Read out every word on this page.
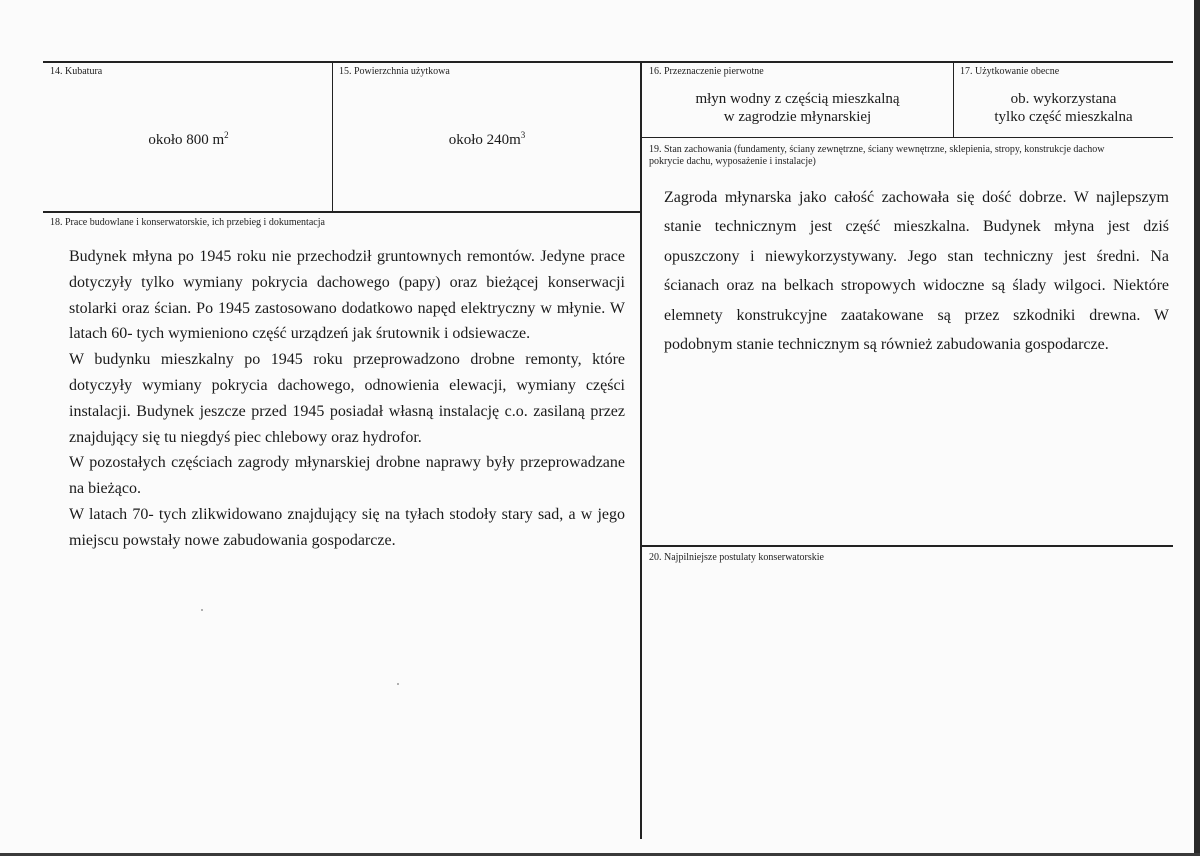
14. Kubatura
około 800 $m^2$
15. Powierzchnia użytkowa
około $240m^3$
16. Przeznaczenie pierwotne
młyn wodny z częścią mieszkalną
w zagrodzie młynarskiej
17. Użytkowanie obecne
ob. wykorzystana
tylko część mieszkalna
19. Stan zachowania (fundamenty, ściany zewnętrzne, ściany wewnętrzne, sklepienia, stropy, konstrukcje dachow
pokrycie dachu, wyposażenie i instalacje)
Zagroda młynarska jako całość zachowała się dość dobrze. W najlepszym stanie technicznym jest część mieszkalna. Budynek młyna jest dziś opuszczony i niewykorzystywany. Jego stan techniczny jest średni. Na ścianach oraz na belkach stropowych widoczne są ślady wilgoci. Niektóre elemnety konstrukcyjne zaatakowane są przez szkodniki drewna. W podobnym stanie technicznym są również zabudowania gospodarcze.
18. Prace budowlane i konserwatorskie, ich przebieg i dokumentacja

Budynek młyna po 1945 roku nie przechodził gruntownych remontów. Jedyne prace dotyczyły tylko wymiany pokrycia dachowego (papy) oraz bieżącej konserwacji stolarki oraz ścian. Po 1945 zastosowano dodatkowo napęd elektryczny w młynie. W latach 60- tych wymieniono część urządzeń jak śrutownik i odsiewacze.

W budynku mieszkalny po 1945 roku przeprowadzono drobne remonty, które dotyczyły wymiany pokrycia dachowego, odnowienia elewacji, wymiany części instalacji. Budynek jeszcze przed 1945 posiadał własną instalację c.o. zasilaną przez znajdujący się tu niegdyś piec chlebowy oraz hydrofor.

W pozostałych częściach zagrody młynarskiej drobne naprawy były przeprowadzane na bieżąco.

W latach 70- tych zlikwidowano znajdujący się na tyłach stodoły stary sad, a w jego miejscu powstały nowe zabudowania gospodarcze.

20. Najpilniejsze postulaty konserwatorskie
